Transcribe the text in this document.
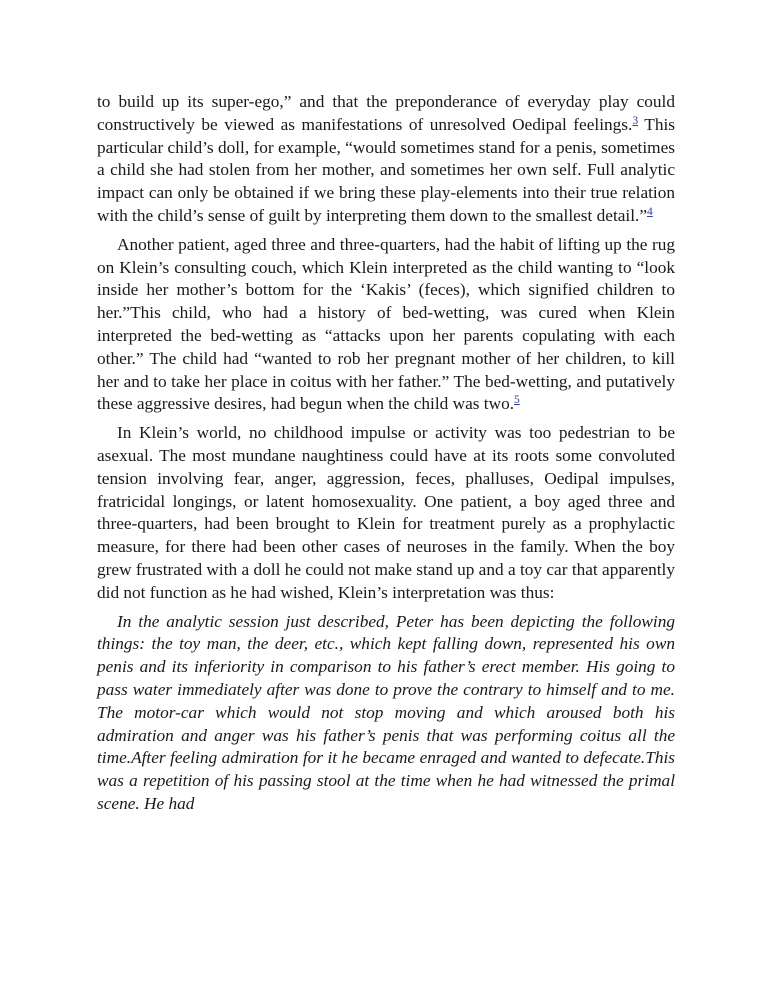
to build up its super-ego,” and that the preponderance of everyday play could constructively be viewed as manifestations of unresolved Oedipal feelings.$^3$ This particular child’s doll, for example, “would sometimes stand for a penis, sometimes a child she had stolen from her mother, and sometimes her own self. Full analytic impact can only be obtained if we bring these play-elements into their true relation with the child’s sense of guilt by interpreting them down to the smallest detail.”$^4$

Another patient, aged three and three-quarters, had the habit of lifting up the rug on Klein’s consulting couch, which Klein interpreted as the child wanting to “look inside her mother’s bottom for the ‘Kakis’ (feces), which signified children to her.”This child, who had a history of bed-wetting, was cured when Klein interpreted the bed-wetting as “attacks upon her parents copulating with each other.” The child had “wanted to rob her pregnant mother of her children, to kill her and to take her place in coitus with her father.” The bed-wetting, and putatively these aggressive desires, had begun when the child was two.$^5$

In Klein’s world, no childhood impulse or activity was too pedestrian to be asexual. The most mundane naughtiness could have at its roots some convoluted tension involving fear, anger, aggression, feces, phalluses, Oedipal impulses, fratricidal longings, or latent homosexuality. One patient, a boy aged three and three-quarters, had been brought to Klein for treatment purely as a prophylactic measure, for there had been other cases of neuroses in the family. When the boy grew frustrated with a doll he could not make stand up and a toy car that apparently did not function as he had wished, Klein’s interpretation was thus:

In the analytic session just described, Peter has been depicting the following things: the toy man, the deer, etc., which kept falling down, represented his own penis and its inferiority in comparison to his father’s erect member. His going to pass water immediately after was done to prove the contrary to himself and to me. The motor-car which would not stop moving and which aroused both his admiration and anger was his father’s penis that was performing coitus all the time.After feeling admiration for it he became enraged and wanted to defecate.This was a repetition of his passing stool at the time when he had witnessed the primal scene. He had
